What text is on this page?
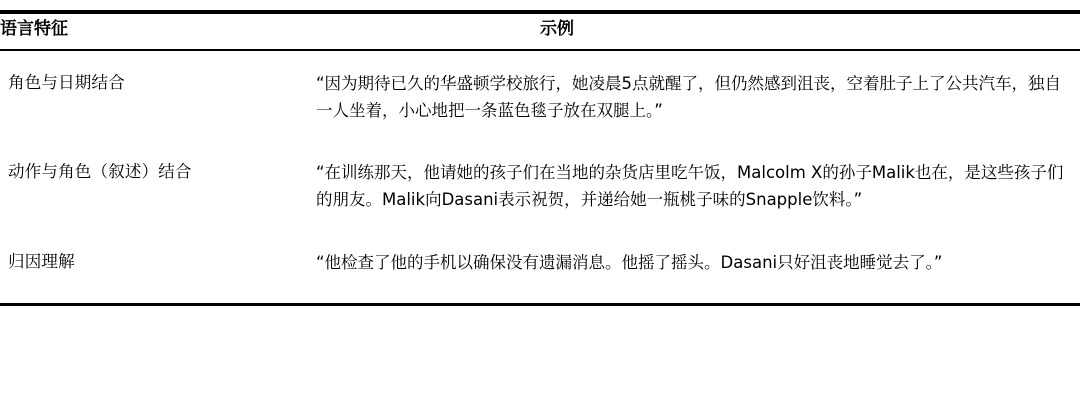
语言特征	示例
角色与日期结合	“因为期待已久的华盛顿学校旅行，她凌晨5点就醒了，但仍然感到沮丧，空着肚子上了公共汽车，独自一人坐着，小心地把一条蓝色毯子放在双腿上。”
动作与角色（叙述）结合	“在训练那天，他请她的孩子们在当地的杂货店里吃午饭，Malcolm X的孙子Malik也在，是这些孩子们的朋友。Malik向Dasani表示祝贺，并递给她一瓶桃子味的Snapple饮料。”
归因理解	“他检查了他的手机以确保没有遗漏消息。他摇了摇头。Dasani只好沮丧地睡觉去了。”
